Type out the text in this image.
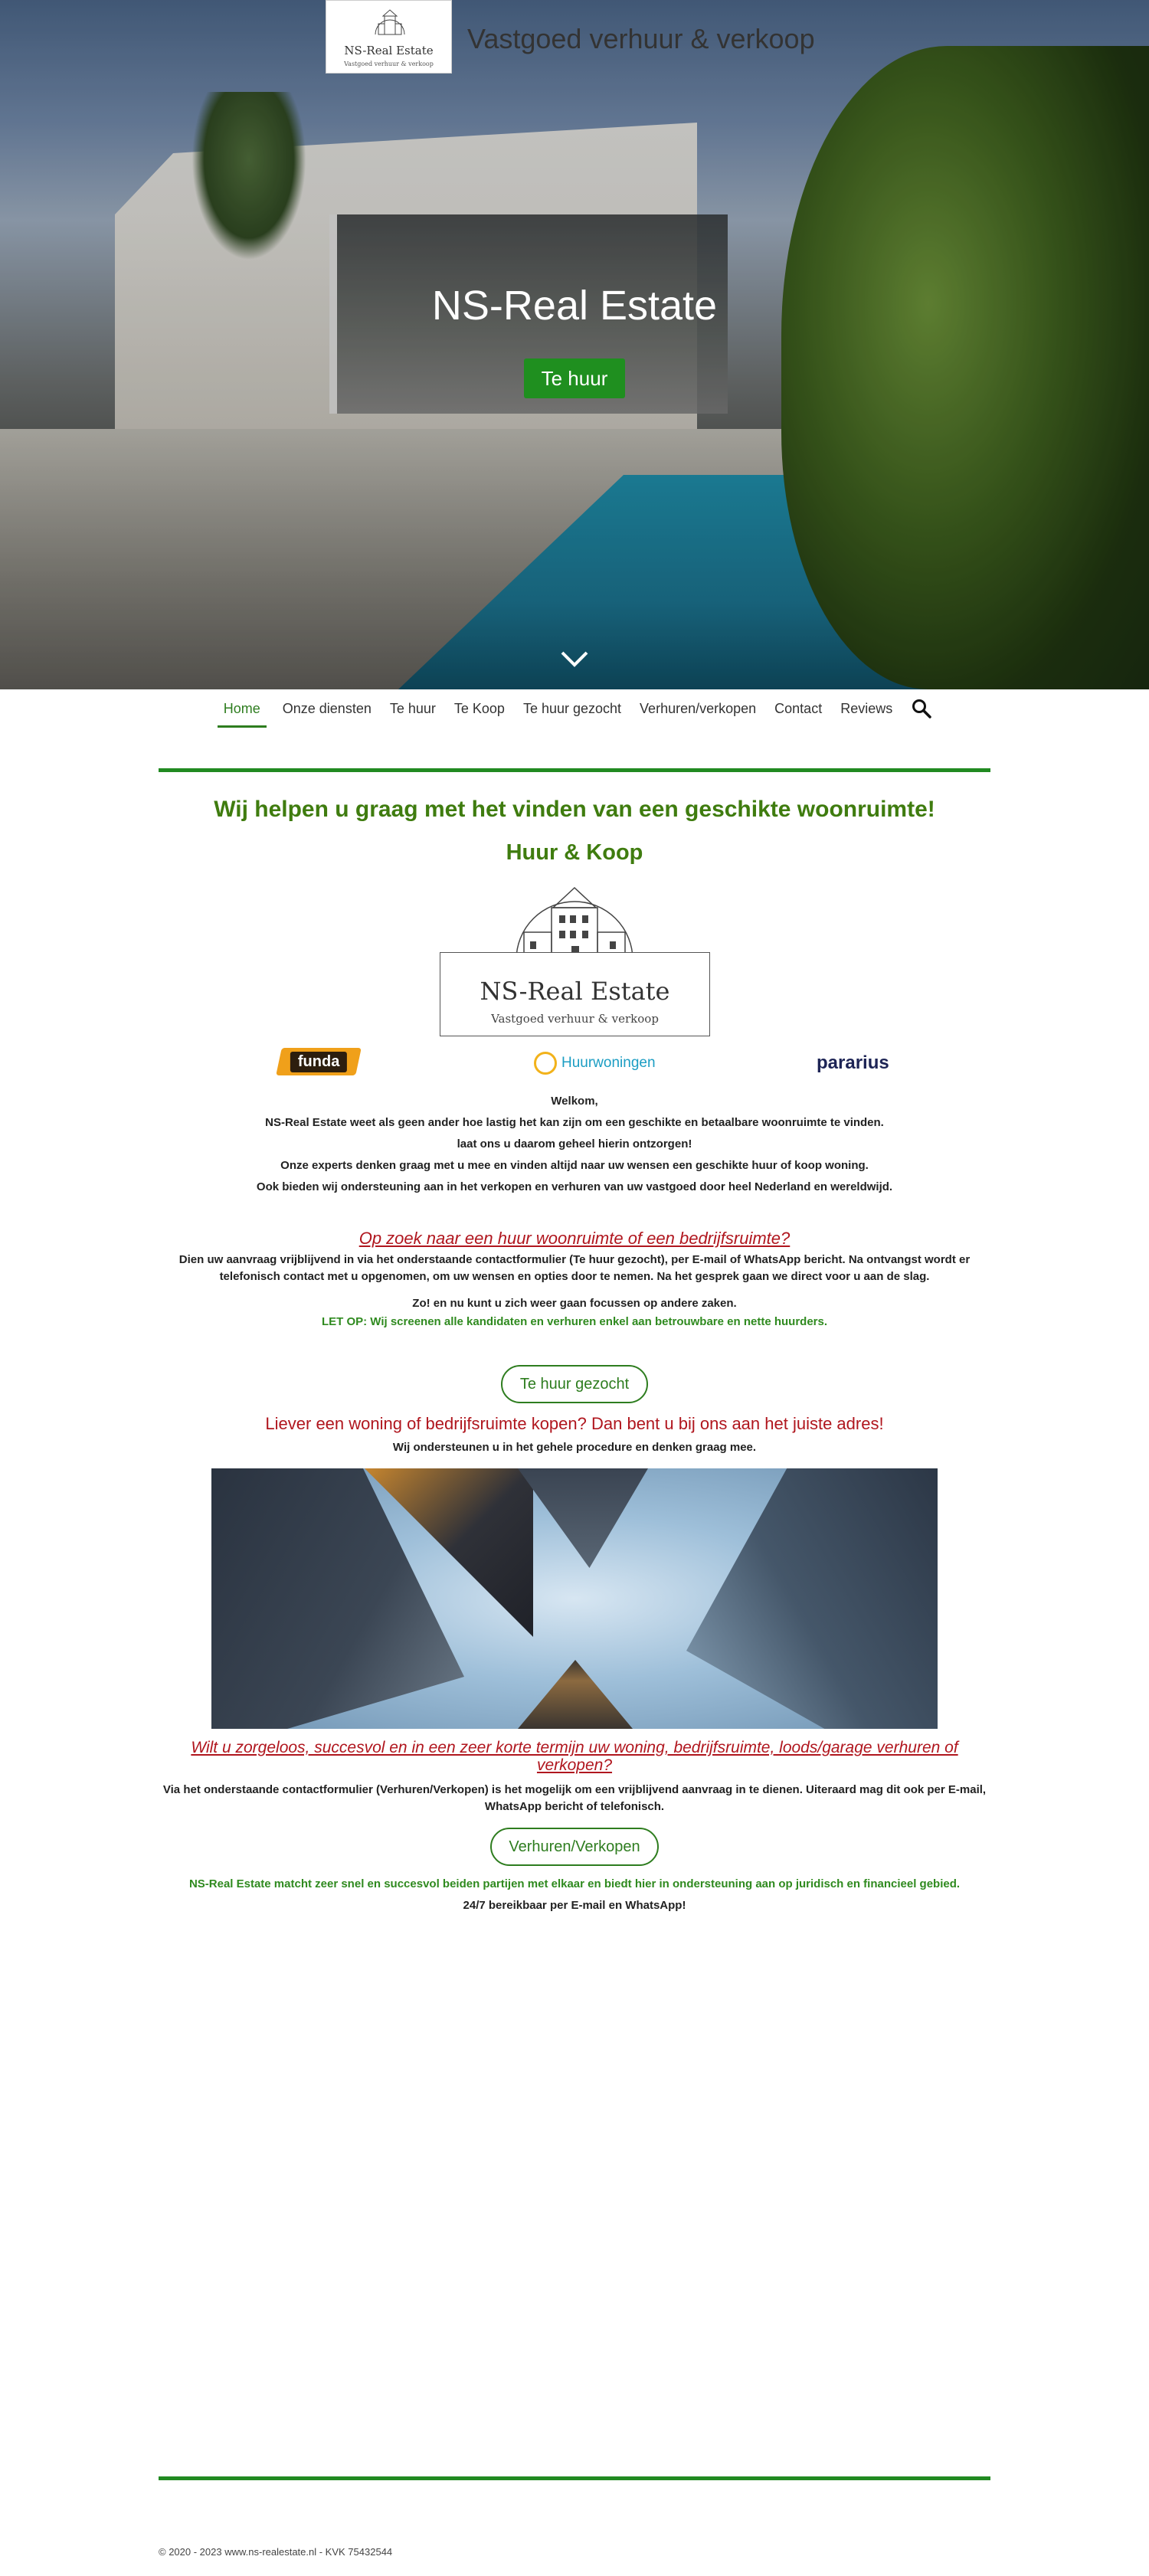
NS-Real Estate
Vastgoed verhuur & verkoop
Vastgoed verhuur & verkoop
NS-Real Estate
Te huur
Home	Onze diensten Te huur Te Koop Te huur gezocht Verhuren/verkopen Contact Reviews
Wij helpen u graag met het vinden van een geschikte woonruimte!
Huur & Koop
NS-Real Estate
Vastgoed verhuur & verkoop
funda	Huurwoningen	pararius
Welkom,
NS-Real Estate weet als geen ander hoe lastig het kan zijn om een geschikte en betaalbare woonruimte te vinden.
laat ons u daarom geheel hierin ontzorgen!
Onze experts denken graag met u mee en vinden altijd naar uw wensen een geschikte huur of koop woning.
Ook bieden wij ondersteuning aan in het verkopen en verhuren van uw vastgoed door heel Nederland en wereldwijd.
Op zoek naar een huur woonruimte of een bedrijfsruimte?
Dien uw aanvraag vrijblijvend in via het onderstaande contactformulier (Te huur gezocht), per E-mail of WhatsApp bericht. Na ontvangst wordt er telefonisch contact met u opgenomen, om uw wensen en opties door te nemen. Na het gesprek gaan we direct voor u aan de slag.
Zo! en nu kunt u zich weer gaan focussen op andere zaken.
LET OP: Wij screenen alle kandidaten en verhuren enkel aan betrouwbare en nette huurders.
Te huur gezocht
Liever een woning of bedrijfsruimte kopen? Dan bent u bij ons aan het juiste adres!
Wij ondersteunen u in het gehele procedure en denken graag mee.
Wilt u zorgeloos, succesvol en in een zeer korte termijn uw woning, bedrijfsruimte, loods/garage verhuren of verkopen?
Via het onderstaande contactformulier (Verhuren/Verkopen) is het mogelijk om een vrijblijvend aanvraag in te dienen. Uiteraard mag dit ook per E-mail, WhatsApp bericht of telefonisch.
Verhuren/Verkopen
NS-Real Estate matcht zeer snel en succesvol beiden partijen met elkaar en biedt hier in ondersteuning aan op juridisch en financieel gebied.
24/7 bereikbaar per E-mail en WhatsApp!
© 2020 - 2023 www.ns-realestate.nl - KVK 75432544
